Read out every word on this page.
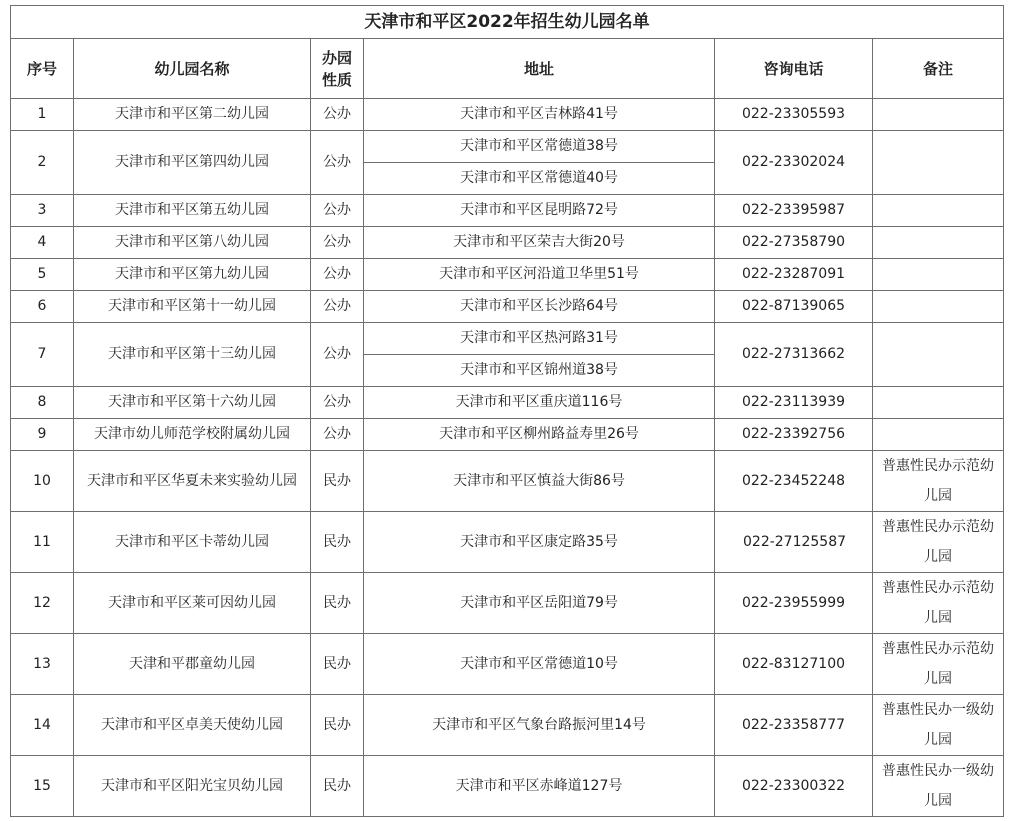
天津市和平区2022年招生幼儿园名单					
序号	幼儿园名称	办园性质	地址	咨询电话	备注
1	天津市和平区第二幼儿园	公办	天津市和平区吉林路41号	022-23305593	
2	天津市和平区第四幼儿园	公办	天津市和平区常德道38号	022-23302024	
			天津市和平区常德道40号		
3	天津市和平区第五幼儿园	公办	天津市和平区昆明路72号	022-23395987	
4	天津市和平区第八幼儿园	公办	天津市和平区荣吉大街20号	022-27358790	
5	天津市和平区第九幼儿园	公办	天津市和平区河沿道卫华里51号	022-23287091	
6	天津市和平区第十一幼儿园	公办	天津市和平区长沙路64号	022-87139065	
7	天津市和平区第十三幼儿园	公办	天津市和平区热河路31号	022-27313662	
			天津市和平区锦州道38号		
8	天津市和平区第十六幼儿园	公办	天津市和平区重庆道116号	022-23113939	
9	天津市幼儿师范学校附属幼儿园	公办	天津市和平区柳州路益寿里26号	022-23392756	
10	天津市和平区华夏未来实验幼儿园	民办	天津市和平区慎益大街86号	022-23452248	普惠性民办示范幼儿园
11	天津市和平区卡蒂幼儿园	民办	天津市和平区康定路35号	022-27125587	普惠性民办示范幼儿园
12	天津市和平区莱可因幼儿园	民办	天津市和平区岳阳道79号	022-23955999	普惠性民办示范幼儿园
13	天津和平郡童幼儿园	民办	天津市和平区常德道10号	022-83127100	普惠性民办示范幼儿园
14	天津市和平区卓美天使幼儿园	民办	天津市和平区气象台路振河里14号	022-23358777	普惠性民办一级幼儿园
15	天津市和平区阳光宝贝幼儿园	民办	天津市和平区赤峰道127号	022-23300322	普惠性民办一级幼儿园
